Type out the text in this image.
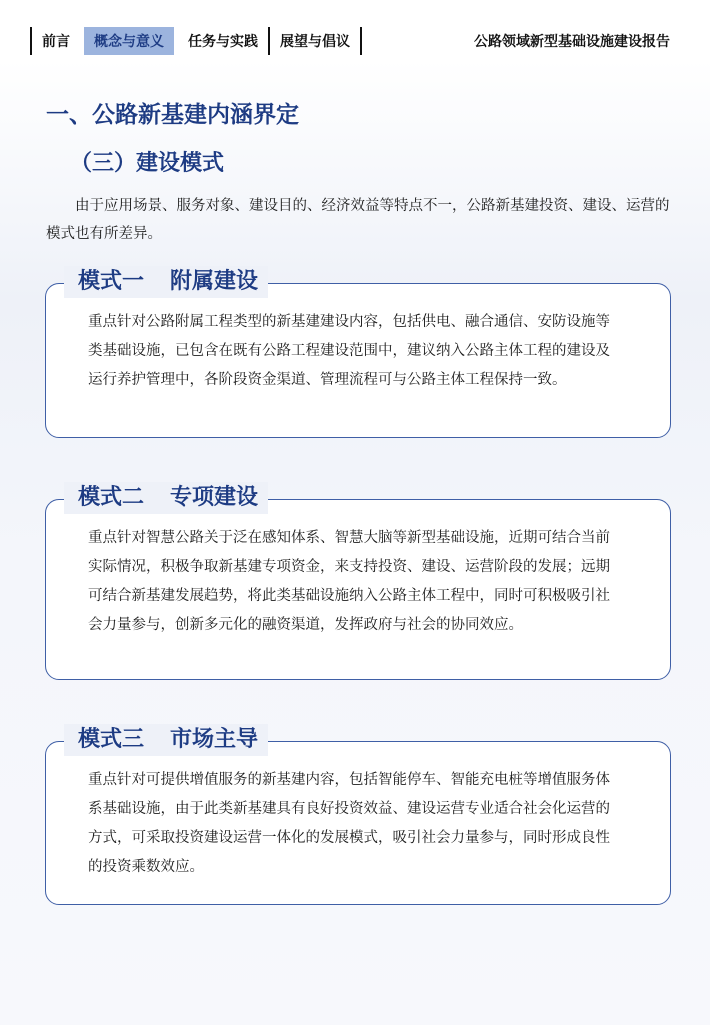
前言	概念与意义	任务与实践	展望与倡议	公路领域新型基础设施建设报告
一、公路新基建内涵界定
（三）建设模式
由于应用场景、服务对象、建设目的、经济效益等特点不一，公路新基建投资、建设、运营的模式也有所差异。
模式一 附属建设
重点针对公路附属工程类型的新基建建设内容，包括供电、融合通信、安防设施等类基础设施，已包含在既有公路工程建设范围中，建议纳入公路主体工程的建设及运行养护管理中，各阶段资金渠道、管理流程可与公路主体工程保持一致。
模式二 专项建设
重点针对智慧公路关于泛在感知体系、智慧大脑等新型基础设施，近期可结合当前实际情况，积极争取新基建专项资金，来支持投资、建设、运营阶段的发展；远期可结合新基建发展趋势，将此类基础设施纳入公路主体工程中，同时可积极吸引社会力量参与，创新多元化的融资渠道，发挥政府与社会的协同效应。
模式三 市场主导
重点针对可提供增值服务的新基建内容，包括智能停车、智能充电桩等增值服务体系基础设施，由于此类新基建具有良好投资效益、建设运营专业适合社会化运营的方式，可采取投资建设运营一体化的发展模式，吸引社会力量参与，同时形成良性的投资乘数效应。
